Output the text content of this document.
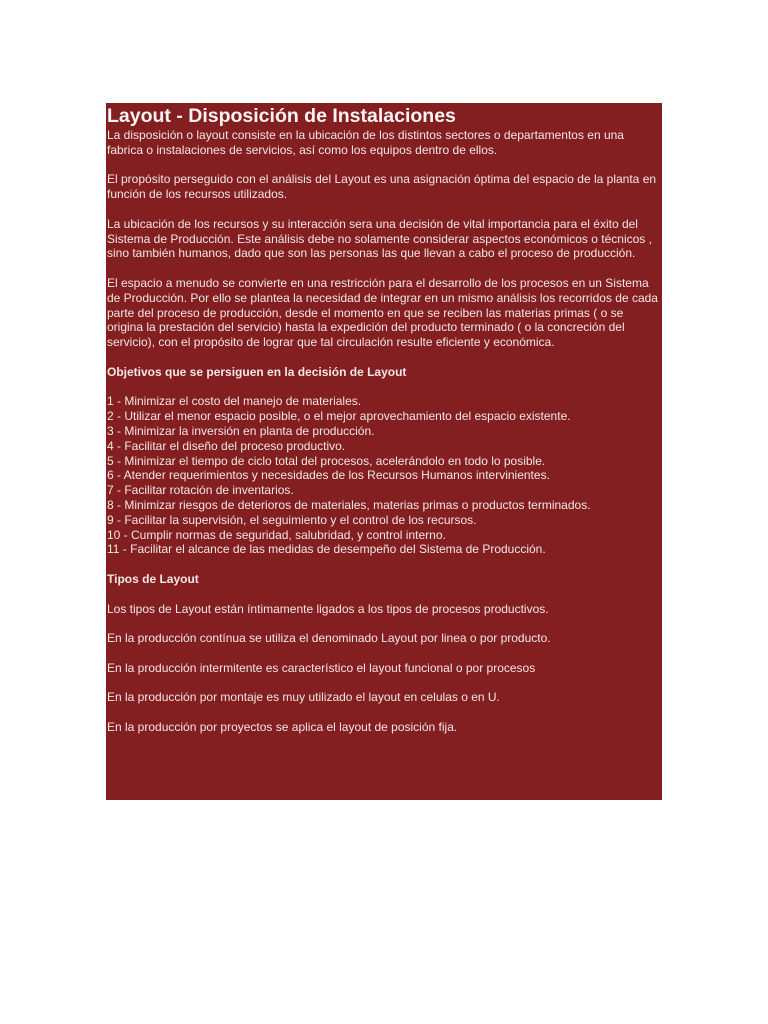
Layout - Disposición de Instalaciones

La disposición o layout consiste en la ubicación de los distintos sectores o departamentos en una fabrica o instalaciones de servicios, así como los equipos dentro de ellos.

El propósito perseguido con el análisis del Layout es una asignación óptima del espacio de la planta en función de los recursos utilizados.

La ubicación de los recursos y su interacción sera una decisión de vital importancia para el éxito del Sistema de Producción. Este análisis debe no solamente considerar aspectos económicos o técnicos , sino también humanos, dado que son las personas las que llevan a cabo el proceso de producción.

El espacio a menudo se convierte en una restricción para el desarrollo de los procesos en un Sistema de Producción. Por ello se plantea la necesidad de integrar en un mismo análisis los recorridos de cada parte del proceso de producción, desde el momento en que se reciben las materias primas ( o se origina la prestación del servicio) hasta la expedición del producto terminado ( o la concreción del servicio), con el propósito de lograr que tal circulación resulte eficiente y económica.

Objetivos que se persiguen en la decisión de Layout

1 - Minimizar el costo del manejo de materiales.
2 - Utilizar el menor espacio posible, o el mejor aprovechamiento del espacio existente.
3 - Minimizar la inversión en planta de producción.
4 - Facilitar el diseño del proceso productivo.
5 - Minimizar el tiempo de ciclo total del procesos, acelerándolo en todo lo posible.
6 - Atender requerimientos y necesidades de los Recursos Humanos intervinientes.
7 - Facilitar rotación de inventarios.
8 - Minimizar riesgos de deterioros de materiales, materias primas o productos terminados.
9 - Facilitar la supervisión, el seguimiento y el control de los recursos.
10 - Cumplir normas de seguridad, salubridad, y control interno.
11 - Facilitar el alcance de las medidas de desempeño del Sistema de Producción.

Tipos de Layout

Los tipos de Layout están íntimamente ligados a los tipos de procesos productivos.

En la producción contínua se utiliza el denominado Layout por linea o por producto.

En la producción intermitente es característico el layout funcional o por procesos

En la producción por montaje es muy utilizado el layout en celulas o en U.

En la producción por proyectos se aplica el layout de posición fija.
